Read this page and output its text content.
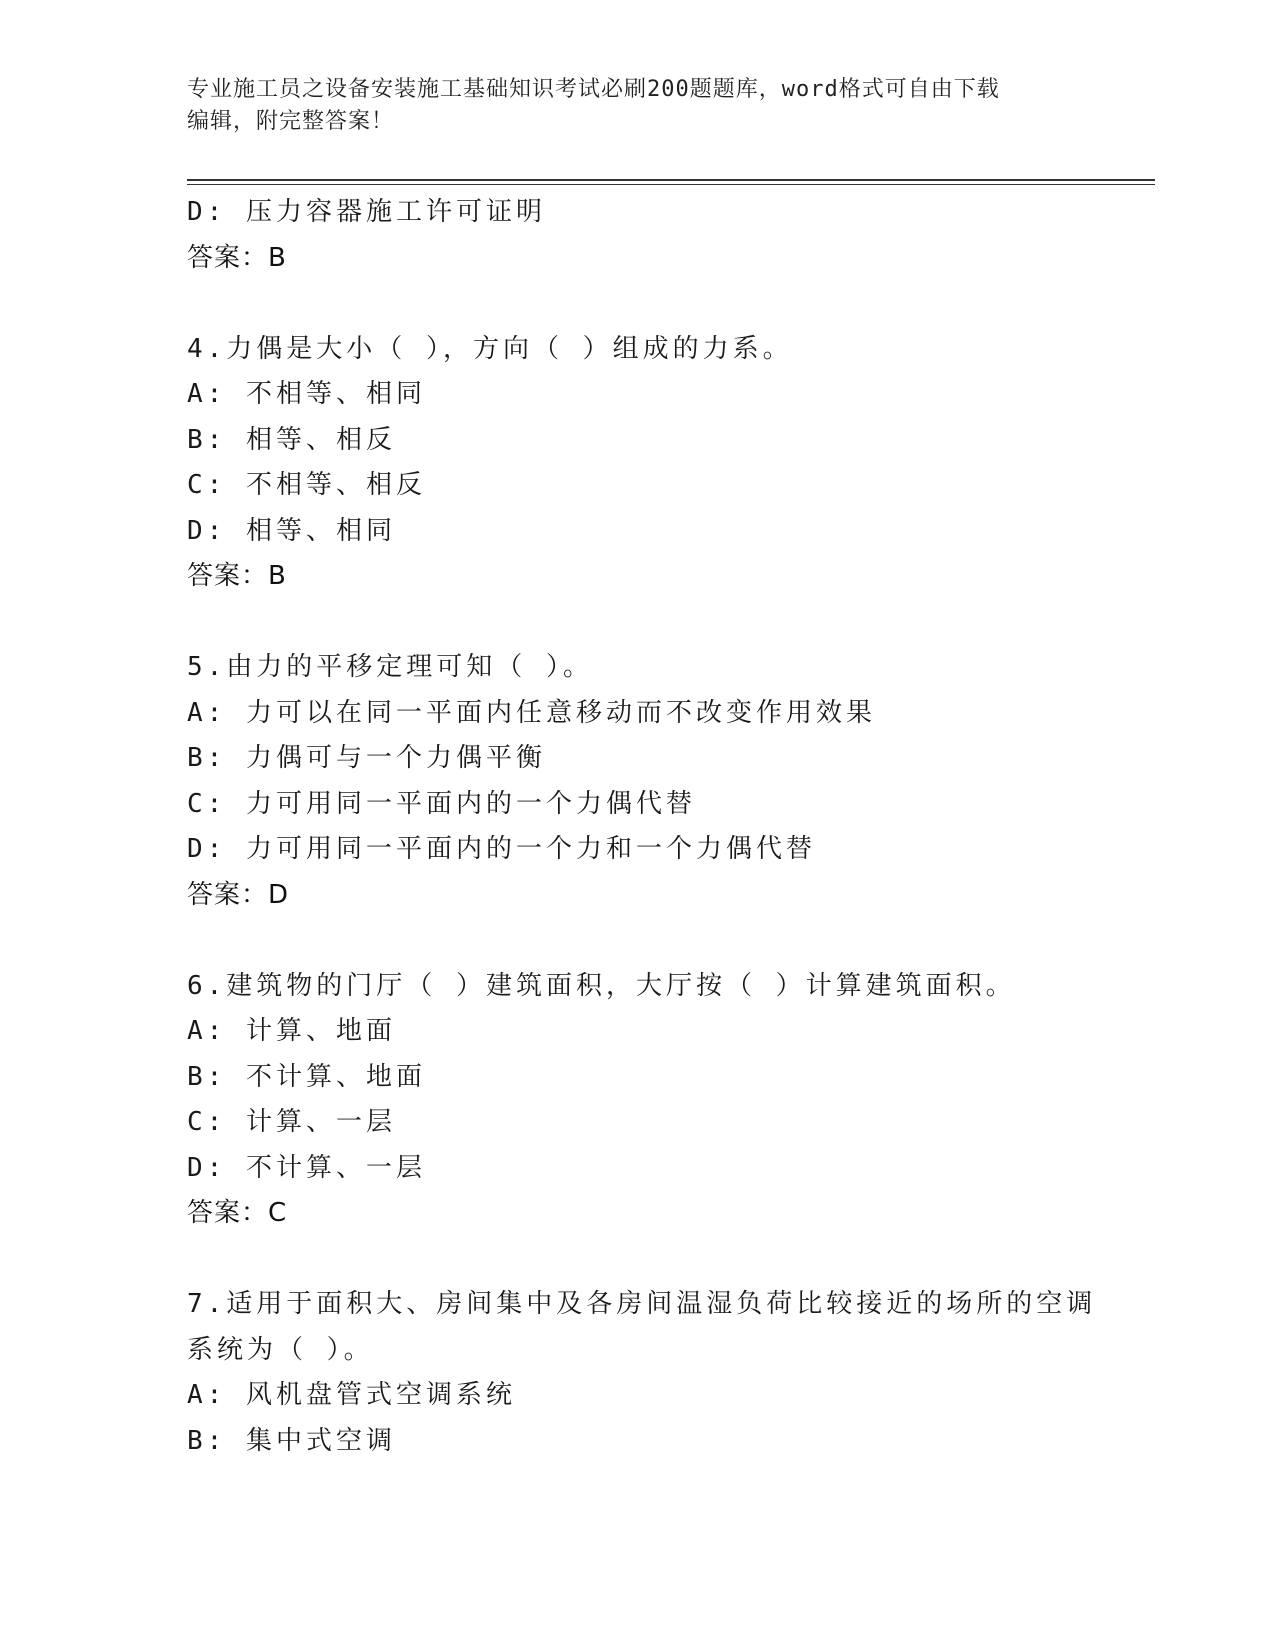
专业施工员之设备安装施工基础知识考试必刷200题题库，word格式可自由下载
编辑，附完整答案！
D: 压力容器施工许可证明
答案：B
4.力偶是大小（ ），方向（ ）组成的力系。
A: 不相等、相同
B: 相等、相反
C: 不相等、相反
D: 相等、相同
答案：B
5.由力的平移定理可知（ ）。
A: 力可以在同一平面内任意移动而不改变作用效果
B: 力偶可与一个力偶平衡
C: 力可用同一平面内的一个力偶代替
D: 力可用同一平面内的一个力和一个力偶代替
答案：D
6.建筑物的门厅（ ）建筑面积，大厅按（ ）计算建筑面积。
A: 计算、地面
B: 不计算、地面
C: 计算、一层
D: 不计算、一层
答案：C
7.适用于面积大、房间集中及各房间温湿负荷比较接近的场所的空调
系统为（ ）。
A: 风机盘管式空调系统
B: 集中式空调
